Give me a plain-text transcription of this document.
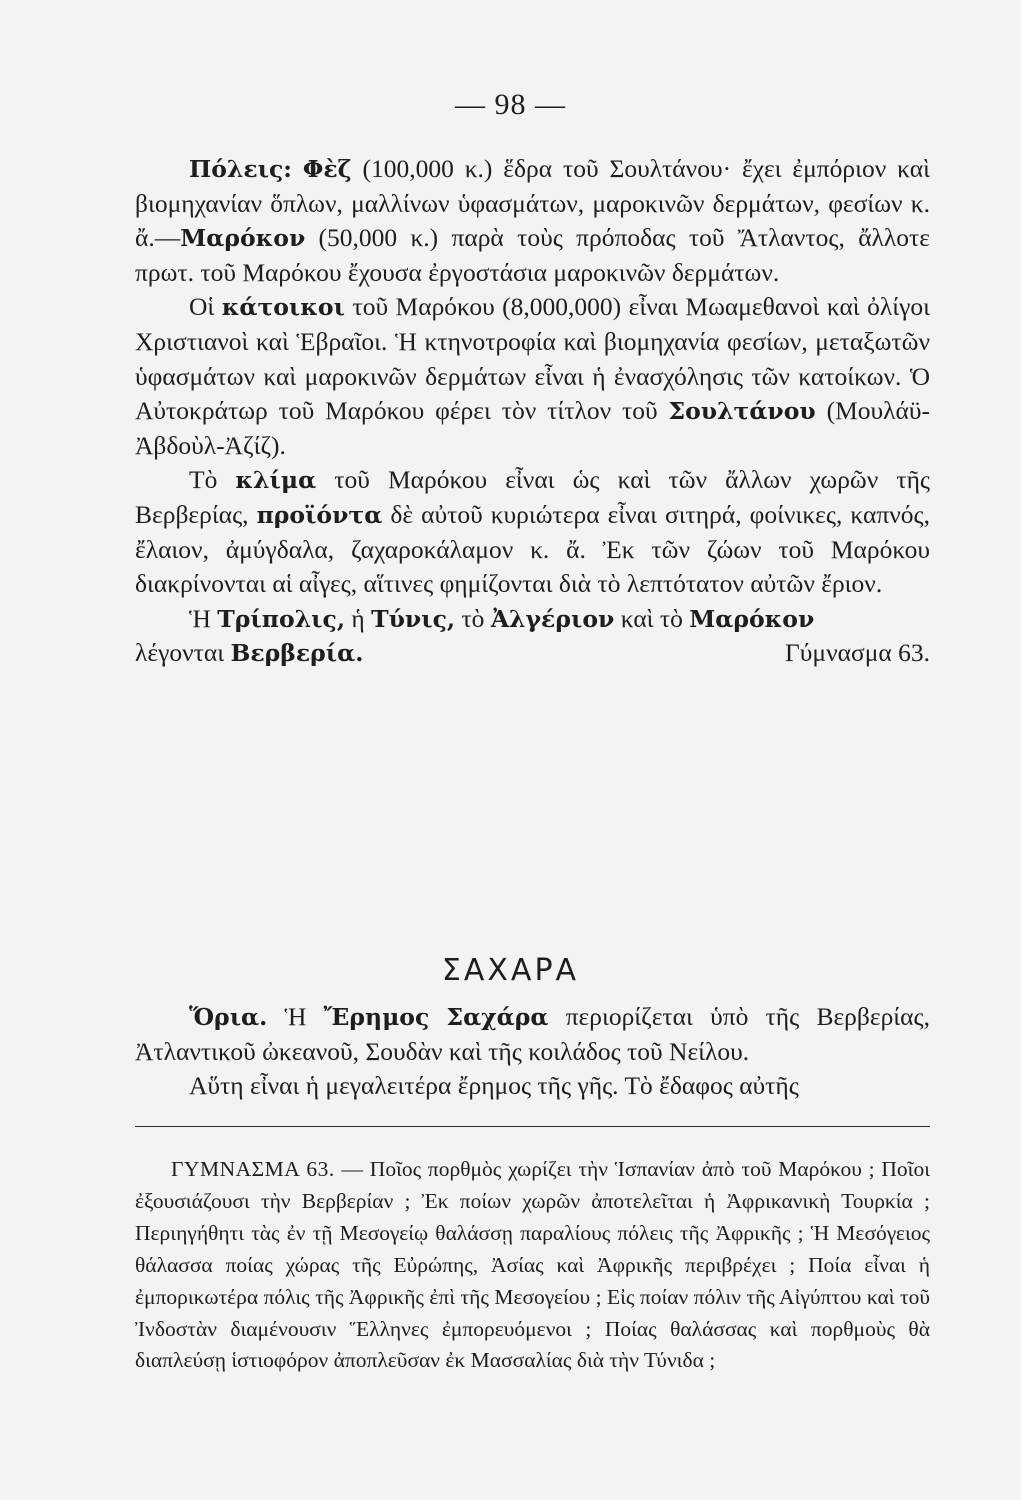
— 98 —

Πόλεις: Φὲζ (100,000 κ.) ἕδρα τοῦ Σουλτάνου· ἔχει ἐμπόριον καὶ βιομηχανίαν ὅπλων, μαλλίνων ὑφασμάτων, μαροκινῶν δερμάτων, φεσίων κ. ἄ.—Μαρόκον (50,000 κ.) παρὰ τοὺς πρόποδας τοῦ Ἄτλαντος, ἄλλοτε πρωτ. τοῦ Μαρόκου ἔχουσα ἐργοστάσια μαροκινῶν δερμάτων.

Οἱ κάτοικοι τοῦ Μαρόκου (8,000,000) εἶναι Μωαμεθανοὶ καὶ ὀλίγοι Χριστιανοὶ καὶ Ἑβραῖοι. Ἡ κτηνοτροφία καὶ βιομηχανία φεσίων, μεταξωτῶν ὑφασμάτων καὶ μαροκινῶν δερμάτων εἶναι ἡ ἐνασχόλησις τῶν κατοίκων. Ὁ Αὐτοκράτωρ τοῦ Μαρόκου φέρει τὸν τίτλον τοῦ Σουλτάνου (Μουλάϋ-Ἀβδοὺλ-Ἀζίζ).

Τὸ κλίμα τοῦ Μαρόκου εἶναι ὡς καὶ τῶν ἄλλων χωρῶν τῆς Βερβερίας, προϊόντα δὲ αὐτοῦ κυριώτερα εἶναι σιτηρά, φοίνικες, καπνός, ἔλαιον, ἀμύγδαλα, ζαχαροκάλαμον κ. ἄ. Ἐκ τῶν ζώων τοῦ Μαρόκου διακρίνονται αἱ αἶγες, αἵτινες φημίζονται διὰ τὸ λεπτότατον αὐτῶν ἔριον.

Ἡ Τρίπολις, ἡ Τύνις, τὸ Ἀλγέριον καὶ τὸ Μαρόκον

λέγονται Βερβερία.	Γύμνασμα 63.

ΣΑΧΑΡΑ

Ὅρια. Ἡ Ἔρημος Σαχάρα περιορίζεται ὑπὸ τῆς Βερβερίας, Ἀτλαντικοῦ ὠκεανοῦ, Σουδὰν καὶ τῆς κοιλάδος τοῦ Νείλου.

Αὕτη εἶναι ἡ μεγαλειτέρα ἔρημος τῆς γῆς. Τὸ ἔδαφος αὐτῆς

ΓΥΜΝΑΣΜΑ 63. — Ποῖος πορθμὸς χωρίζει τὴν Ἱσπανίαν ἀπὸ τοῦ Μαρόκου ; Ποῖοι ἐξουσιάζουσι τὴν Βερβερίαν ; Ἐκ ποίων χωρῶν ἀποτελεῖται ἡ Ἀφρικανικὴ Τουρκία ; Περιηγήθητι τὰς ἐν τῇ Μεσογείῳ θαλάσσῃ παραλίους πόλεις τῆς Ἀφρικῆς ; Ἡ Μεσόγειος θάλασσα ποίας χώρας τῆς Εὐρώπης, Ἀσίας καὶ Ἀφρικῆς περιβρέχει ; Ποία εἶναι ἡ ἐμπορικωτέρα πόλις τῆς Ἀφρικῆς ἐπὶ τῆς Μεσογείου ; Εἰς ποίαν πόλιν τῆς Αἰγύπτου καὶ τοῦ Ἰνδοστὰν διαμένουσιν Ἕλληνες ἐμπορευόμενοι ; Ποίας θαλάσσας καὶ πορθμοὺς θὰ διαπλεύσῃ ἱστιοφόρον ἀποπλεῦσαν ἐκ Μασσαλίας διὰ τὴν Τύνιδα ;
